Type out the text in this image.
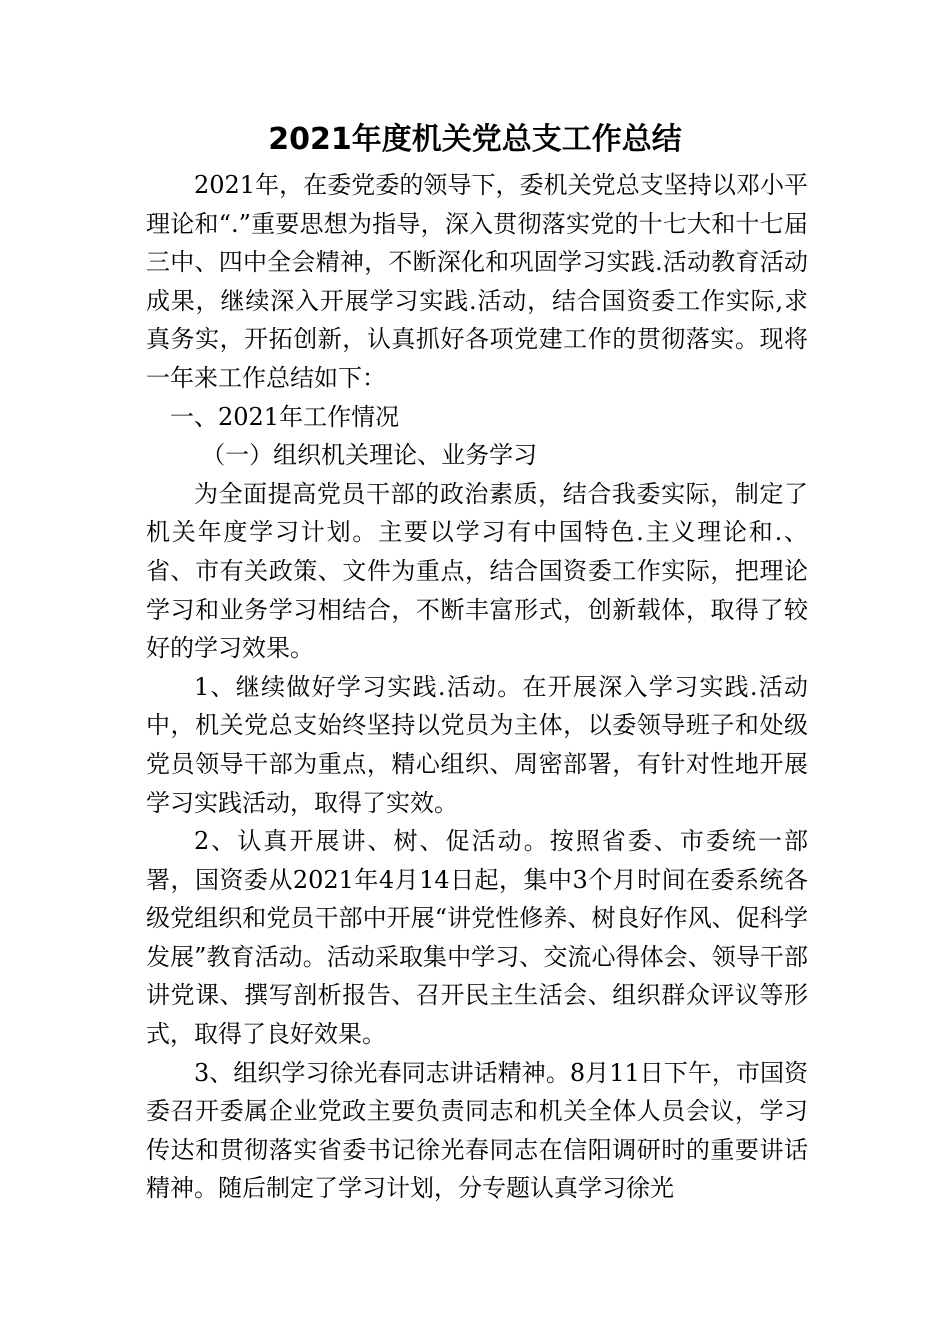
2021年度机关党总支工作总结

2021年，在委党委的领导下，委机关党总支坚持以邓小平理论和“.”重要思想为指导，深入贯彻落实党的十七大和十七届三中、四中全会精神，不断深化和巩固学习实践.活动教育活动成果，继续深入开展学习实践.活动，结合国资委工作实际,求真务实，开拓创新，认真抓好各项党建工作的贯彻落实。现将一年来工作总结如下：

一、2021年工作情况

（一）组织机关理论、业务学习

为全面提高党员干部的政治素质，结合我委实际，制定了机关年度学习计划。主要以学习有中国特色.主义理论和.、省、市有关政策、文件为重点，结合国资委工作实际，把理论学习和业务学习相结合，不断丰富形式，创新载体，取得了较好的学习效果。

1、继续做好学习实践.活动。在开展深入学习实践.活动中，机关党总支始终坚持以党员为主体，以委领导班子和处级党员领导干部为重点，精心组织、周密部署，有针对性地开展学习实践活动，取得了实效。

2、认真开展讲、树、促活动。按照省委、市委统一部署，国资委从2021年4月14日起，集中3个月时间在委系统各级党组织和党员干部中开展“讲党性修养、树良好作风、促科学发展”教育活动。活动采取集中学习、交流心得体会、领导干部讲党课、撰写剖析报告、召开民主生活会、组织群众评议等形式，取得了良好效果。

3、组织学习徐光春同志讲话精神。8月11日下午，市国资委召开委属企业党政主要负责同志和机关全体人员会议，学习传达和贯彻落实省委书记徐光春同志在信阳调研时的重要讲话精神。随后制定了学习计划，分专题认真学习徐光
